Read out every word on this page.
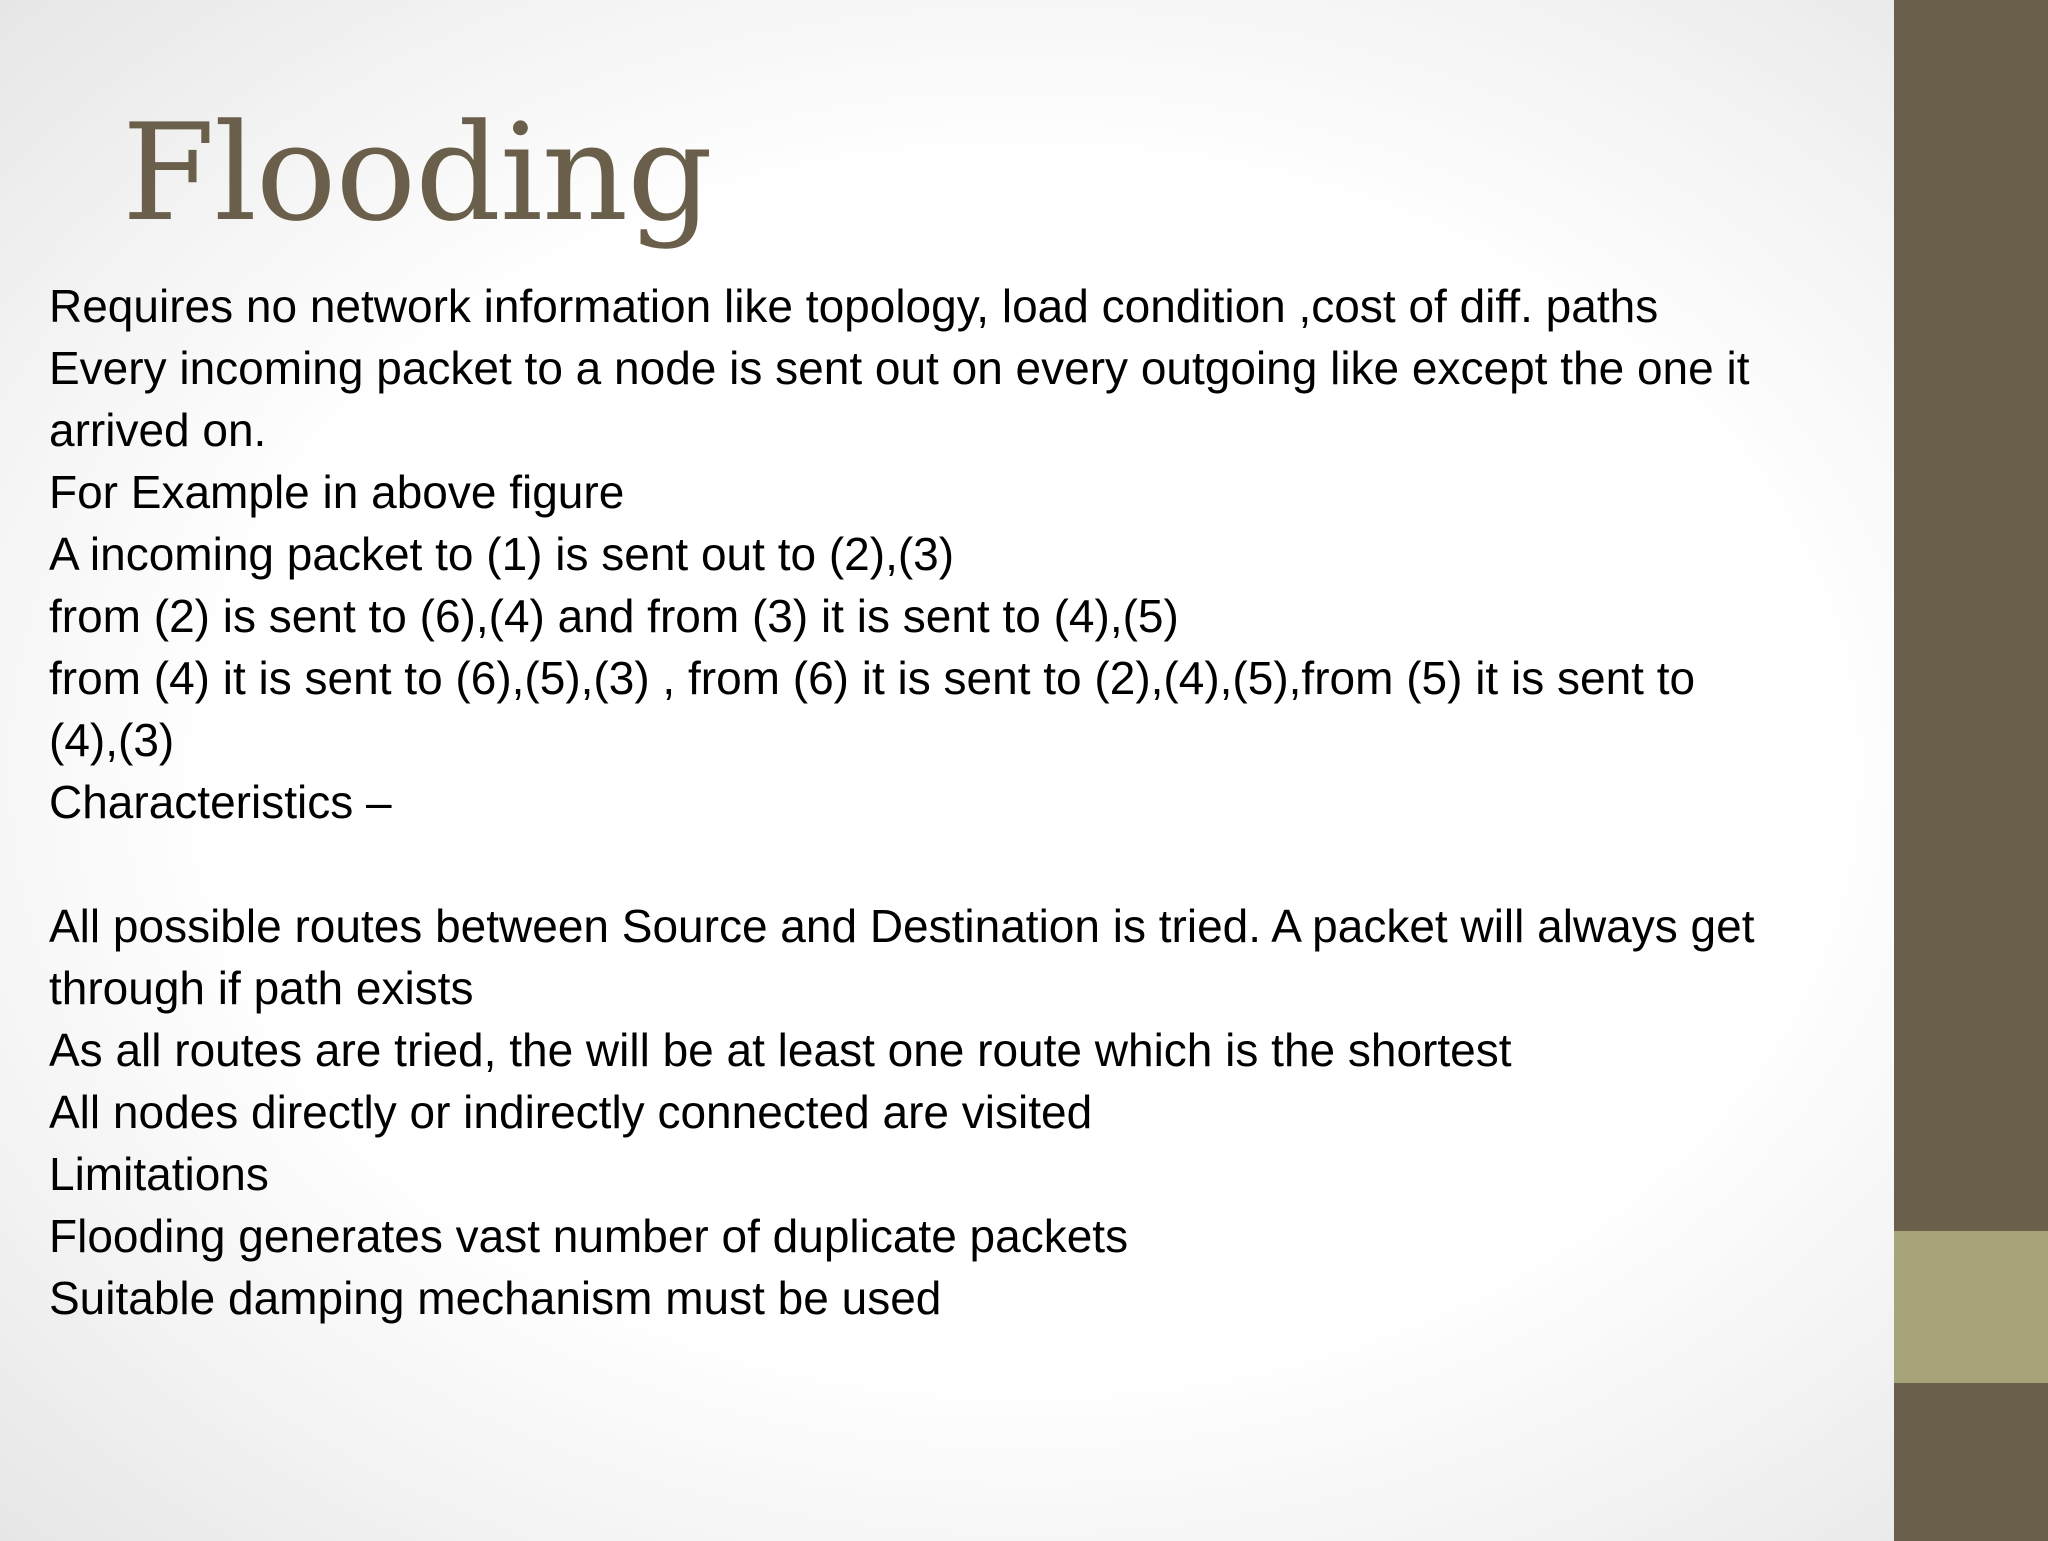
Flooding
Requires no network information like topology, load condition ,cost of diff. paths
Every incoming packet to a node is sent out on every outgoing like except the one it
arrived on.
For Example in above figure
A incoming packet to (1) is sent out to (2),(3)
from (2) is sent to (6),(4) and from (3) it is sent to (4),(5)
from (4) it is sent to (6),(5),(3) , from (6) it is sent to (2),(4),(5),from (5) it is sent to
(4),(3)
Characteristics –
All possible routes between Source and Destination is tried. A packet will always get
through if path exists
As all routes are tried, the will be at least one route which is the shortest
All nodes directly or indirectly connected are visited
Limitations
Flooding generates vast number of duplicate packets
Suitable damping mechanism must be used
